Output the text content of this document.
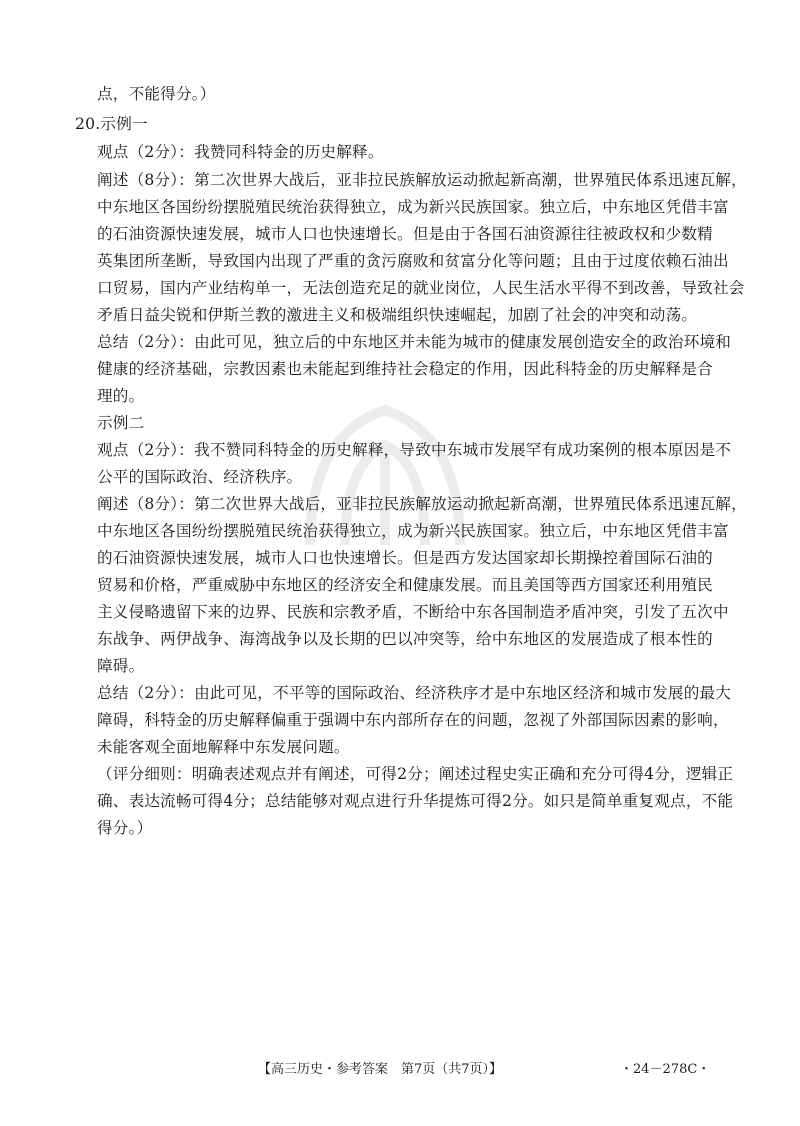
点，不能得分。）
20.示例一
观点（2分）：我赞同科特金的历史解释。
阐述（8分）：第二次世界大战后，亚非拉民族解放运动掀起新高潮，世界殖民体系迅速瓦解，
中东地区各国纷纷摆脱殖民统治获得独立，成为新兴民族国家。独立后，中东地区凭借丰富
的石油资源快速发展，城市人口也快速增长。但是由于各国石油资源往往被政权和少数精
英集团所垄断，导致国内出现了严重的贪污腐败和贫富分化等问题；且由于过度依赖石油出
口贸易，国内产业结构单一，无法创造充足的就业岗位，人民生活水平得不到改善，导致社会
矛盾日益尖锐和伊斯兰教的激进主义和极端组织快速崛起，加剧了社会的冲突和动荡。
总结（2分）：由此可见，独立后的中东地区并未能为城市的健康发展创造安全的政治环境和
健康的经济基础，宗教因素也未能起到维持社会稳定的作用，因此科特金的历史解释是合
理的。
示例二
观点（2分）：我不赞同科特金的历史解释，导致中东城市发展罕有成功案例的根本原因是不
公平的国际政治、经济秩序。
阐述（8分）：第二次世界大战后，亚非拉民族解放运动掀起新高潮，世界殖民体系迅速瓦解，
中东地区各国纷纷摆脱殖民统治获得独立，成为新兴民族国家。独立后，中东地区凭借丰富
的石油资源快速发展，城市人口也快速增长。但是西方发达国家却长期操控着国际石油的
贸易和价格，严重威胁中东地区的经济安全和健康发展。而且美国等西方国家还利用殖民
主义侵略遗留下来的边界、民族和宗教矛盾，不断给中东各国制造矛盾冲突，引发了五次中
东战争、两伊战争、海湾战争以及长期的巴以冲突等，给中东地区的发展造成了根本性的
障碍。
总结（2分）：由此可见，不平等的国际政治、经济秩序才是中东地区经济和城市发展的最大
障碍，科特金的历史解释偏重于强调中东内部所存在的问题，忽视了外部国际因素的影响，
未能客观全面地解释中东发展问题。
（评分细则：明确表述观点并有阐述，可得2分；阐述过程史实正确和充分可得4分，逻辑正
确、表达流畅可得4分；总结能够对观点进行升华提炼可得2分。如只是简单重复观点，不能
得分。）
【高三历史・参考答案　第7页（共7页）】	・24－278C・
